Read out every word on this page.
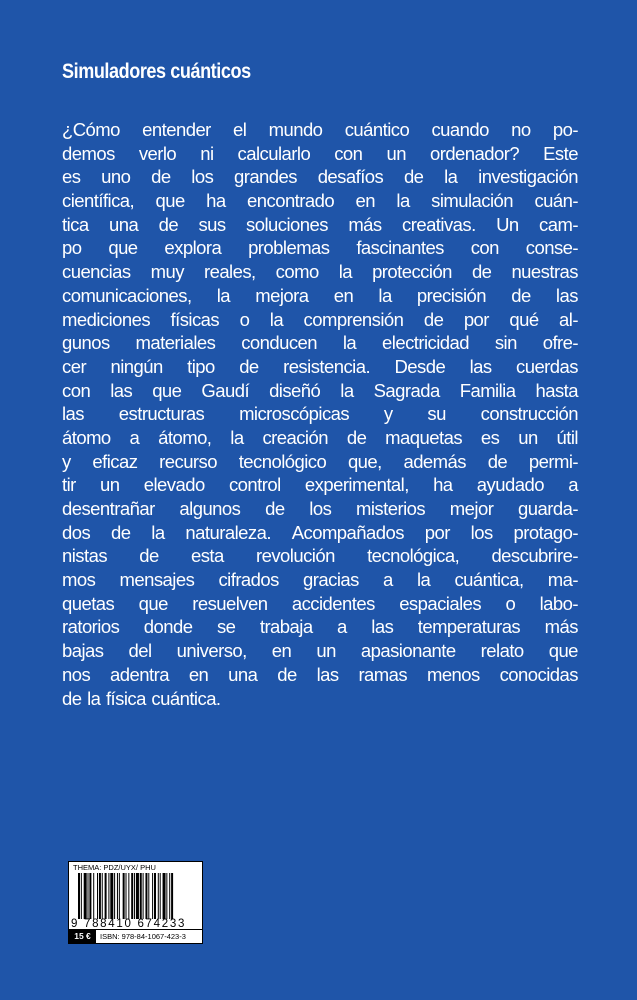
Simuladores cuánticos
¿Cómo entender el mundo cuántico cuando no po-
demos verlo ni calcularlo con un ordenador? Este
es uno de los grandes desafíos de la investigación
científica, que ha encontrado en la simulación cuán-
tica una de sus soluciones más creativas. Un cam-
po que explora problemas fascinantes con conse-
cuencias muy reales, como la protección de nuestras
comunicaciones, la mejora en la precisión de las
mediciones físicas o la comprensión de por qué al-
gunos materiales conducen la electricidad sin ofre-
cer ningún tipo de resistencia. Desde las cuerdas
con las que Gaudí diseñó la Sagrada Familia hasta
las estructuras microscópicas y su construcción
átomo a átomo, la creación de maquetas es un útil
y eficaz recurso tecnológico que, además de permi-
tir un elevado control experimental, ha ayudado a
desentrañar algunos de los misterios mejor guarda-
dos de la naturaleza. Acompañados por los protago-
nistas de esta revolución tecnológica, descubrire-
mos mensajes cifrados gracias a la cuántica, ma-
quetas que resuelven accidentes espaciales o labo-
ratorios donde se trabaja a las temperaturas más
bajas del universo, en un apasionante relato que
nos adentra en una de las ramas menos conocidas
de la física cuántica.
THEMA: PDZ/UYX/ PHU
9 788410 674233
15 €	ISBN: 978-84-1067-423-3
